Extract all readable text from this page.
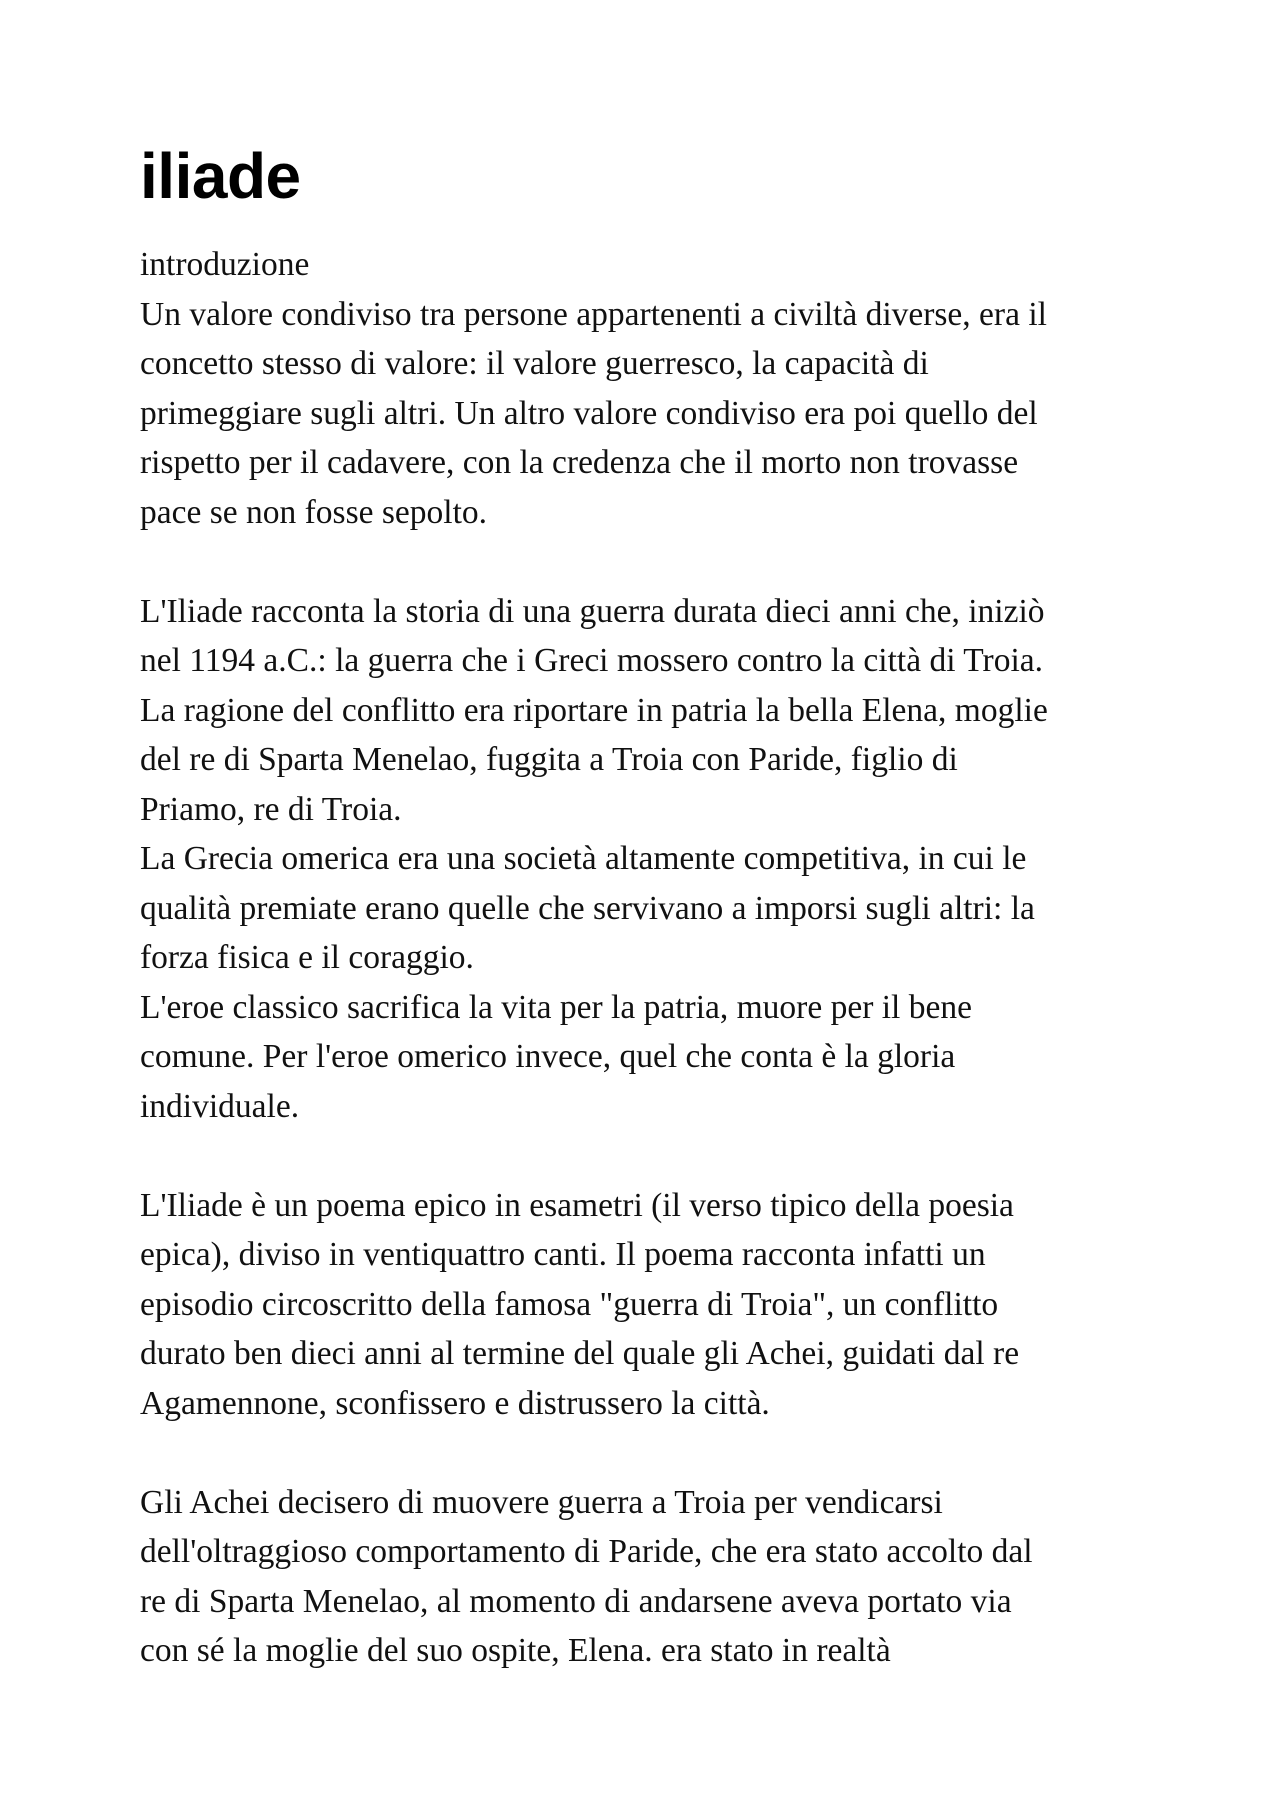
iliade
introduzione
Un valore condiviso tra persone appartenenti a civiltà diverse, era il
concetto stesso di valore: il valore guerresco, la capacità di
primeggiare sugli altri. Un altro valore condiviso era poi quello del
rispetto per il cadavere, con la credenza che il morto non trovasse
pace se non fosse sepolto.
L'Iliade racconta la storia di una guerra durata dieci anni che, iniziò
nel 1194 a.C.: la guerra che i Greci mossero contro la città di Troia.
La ragione del conflitto era riportare in patria la bella Elena, moglie
del re di Sparta Menelao, fuggita a Troia con Paride, figlio di
Priamo, re di Troia.
La Grecia omerica era una società altamente competitiva, in cui le
qualità premiate erano quelle che servivano a imporsi sugli altri: la
forza fisica e il coraggio.
L'eroe classico sacrifica la vita per la patria, muore per il bene
comune. Per l'eroe omerico invece, quel che conta è la gloria
individuale.
L'Iliade è un poema epico in esametri (il verso tipico della poesia
epica), diviso in ventiquattro canti. Il poema racconta infatti un
episodio circoscritto della famosa "guerra di Troia", un conflitto
durato ben dieci anni al termine del quale gli Achei, guidati dal re
Agamennone, sconfissero e distrussero la città.
Gli Achei decisero di muovere guerra a Troia per vendicarsi
dell'oltraggioso comportamento di Paride, che era stato accolto dal
re di Sparta Menelao, al momento di andarsene aveva portato via
con sé la moglie del suo ospite, Elena. era stato in realtà
